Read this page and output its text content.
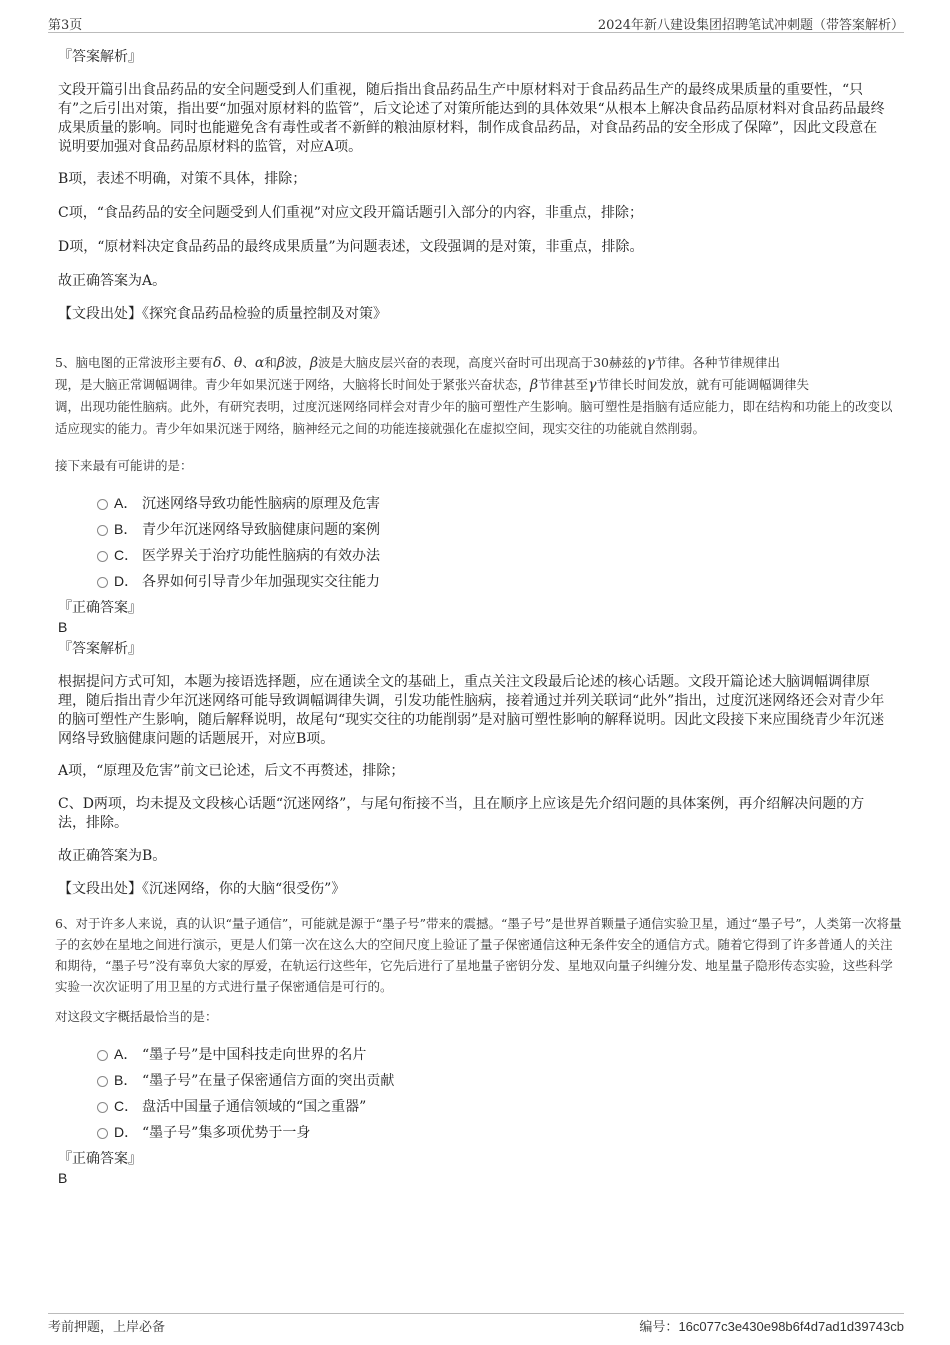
第3页	2024年新八建设集团招聘笔试冲刺题（带答案解析）
『答案解析』
文段开篇引出食品药品的安全问题受到人们重视，随后指出食品药品生产中原材料对于食品药品生产的最终成果质量的重要性，“只有”之后引出对策，指出要“加强对原材料的监管”，后文论述了对策所能达到的具体效果“从根本上解决食品药品原材料对食品药品最终成果质量的影响。同时也能避免含有毒性或者不新鲜的粮油原材料，制作成食品药品，对食品药品的安全形成了保障”，因此文段意在说明要加强对食品药品原材料的监管，对应A项。
B项，表述不明确，对策不具体，排除；
C项，“食品药品的安全问题受到人们重视”对应文段开篇话题引入部分的内容，非重点，排除；
D项，“原材料决定食品药品的最终成果质量”为问题表述，文段强调的是对策，非重点，排除。
故正确答案为A。
【文段出处】《探究食品药品检验的质量控制及对策》
5、脑电图的正常波形主要有δ、θ、α和β波，β波是大脑皮层兴奋的表现，高度兴奋时可出现高于30赫兹的γ节律。各种节律规律出
现，是大脑正常调幅调律。青少年如果沉迷于网络，大脑将长时间处于紧张兴奋状态，β节律甚至γ节律长时间发放，就有可能调幅调律失
调，出现功能性脑病。此外，有研究表明，过度沉迷网络同样会对青少年的脑可塑性产生影响。脑可塑性是指脑有适应能力，即在结构和功能上的改变以适应现实的能力。青少年如果沉迷于网络，脑神经元之间的功能连接就强化在虚拟空间，现实交往的功能就自然削弱。
接下来最有可能讲的是：
A． 沉迷网络导致功能性脑病的原理及危害
B． 青少年沉迷网络导致脑健康问题的案例
C． 医学界关于治疗功能性脑病的有效办法
D． 各界如何引导青少年加强现实交往能力
『正确答案』
B
『答案解析』
根据提问方式可知，本题为接语选择题，应在通读全文的基础上，重点关注文段最后论述的核心话题。文段开篇论述大脑调幅调律原理，随后指出青少年沉迷网络可能导致调幅调律失调，引发功能性脑病，接着通过并列关联词“此外”指出，过度沉迷网络还会对青少年的脑可塑性产生影响，随后解释说明，故尾句“现实交往的功能削弱”是对脑可塑性影响的解释说明。因此文段接下来应围绕青少年沉迷网络导致脑健康问题的话题展开，对应B项。
A项，“原理及危害”前文已论述，后文不再赘述，排除；
C、D两项，均未提及文段核心话题“沉迷网络”，与尾句衔接不当，且在顺序上应该是先介绍问题的具体案例，再介绍解决问题的方法，排除。
故正确答案为B。
【文段出处】《沉迷网络，你的大脑“很受伤”》
6、对于许多人来说，真的认识“量子通信”，可能就是源于“墨子号”带来的震撼。“墨子号”是世界首颗量子通信实验卫星，通过“墨子号”，人类第一次将量子的玄妙在星地之间进行演示，更是人们第一次在这么大的空间尺度上验证了量子保密通信这种无条件安全的通信方式。随着它得到了许多普通人的关注和期待，“墨子号”没有辜负大家的厚爱，在轨运行这些年，它先后进行了星地量子密钥分发、星地双向量子纠缠分发、地星量子隐形传态实验，这些科学实验一次次证明了用卫星的方式进行量子保密通信是可行的。
对这段文字概括最恰当的是：
A． “墨子号”是中国科技走向世界的名片
B． “墨子号”在量子保密通信方面的突出贡献
C． 盘活中国量子通信领域的“国之重器”
D． “墨子号”集多项优势于一身
『正确答案』
B
考前押题，上岸必备	编号：16c077c3e430e98b6f4d7ad1d39743cb
